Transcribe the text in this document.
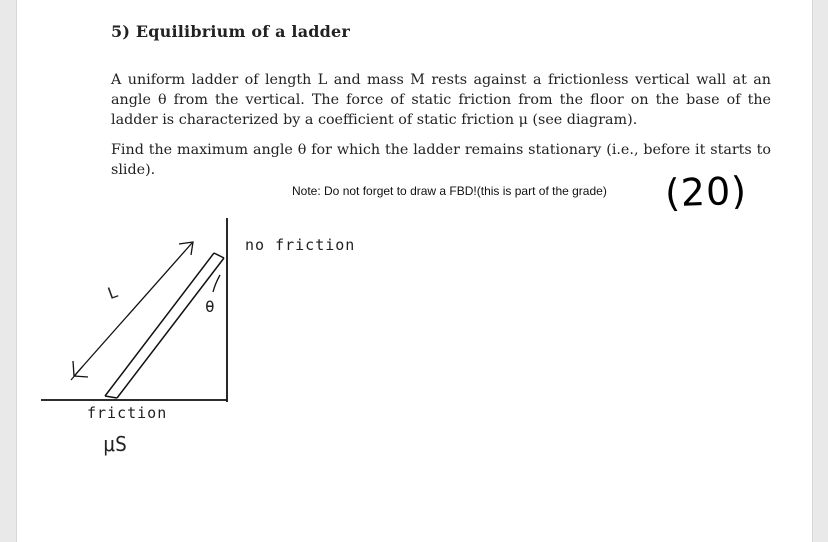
5) Equilibrium of a ladder
A uniform ladder of length L and mass M rests against a frictionless vertical wall at an angle θ from the vertical. The force of static friction from the floor on the base of the ladder is characterized by a coefficient of static friction μ (see diagram).
Find the maximum angle θ for which the ladder remains stationary (i.e., before it starts to slide).
Note: Do not forget to draw a FBD!(this is part of the grade) (20)
no friction
friction
μS
L
θ
